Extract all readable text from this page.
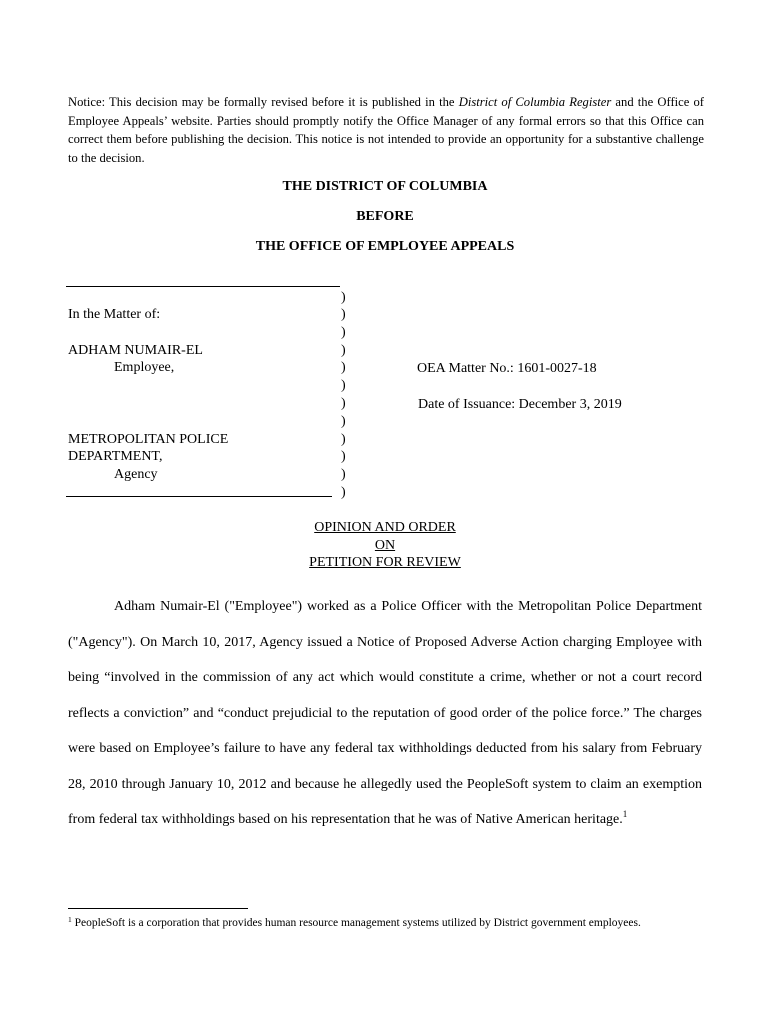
Notice: This decision may be formally revised before it is published in the District of Columbia Register and the Office of Employee Appeals’ website. Parties should promptly notify the Office Manager of any formal errors so that this Office can correct them before publishing the decision. This notice is not intended to provide an opportunity for a substantive challenge to the decision.
THE DISTRICT OF COLUMBIA
BEFORE
THE OFFICE OF EMPLOYEE APPEALS
In the Matter of:
ADHAM NUMAIR-EL
Employee,
METROPOLITAN POLICE
DEPARTMENT,
Agency
OEA Matter No.: 1601-0027-18
Date of Issuance: December 3, 2019
)
)
)
)
)
)
)
)
)
)
)
)
OPINION AND ORDER
ON
PETITION FOR REVIEW
Adham Numair-El ("Employee") worked as a Police Officer with the Metropolitan Police Department ("Agency"). On March 10, 2017, Agency issued a Notice of Proposed Adverse Action charging Employee with being “involved in the commission of any act which would constitute a crime, whether or not a court record reflects a conviction” and “conduct prejudicial to the reputation of good order of the police force.” The charges were based on Employee’s failure to have any federal tax withholdings deducted from his salary from February 28, 2010 through January 10, 2012 and because he allegedly used the PeopleSoft system to claim an exemption from federal tax withholdings based on his representation that he was of Native American heritage.$^1$
$^1$ PeopleSoft is a corporation that provides human resource management systems utilized by District government employees.
